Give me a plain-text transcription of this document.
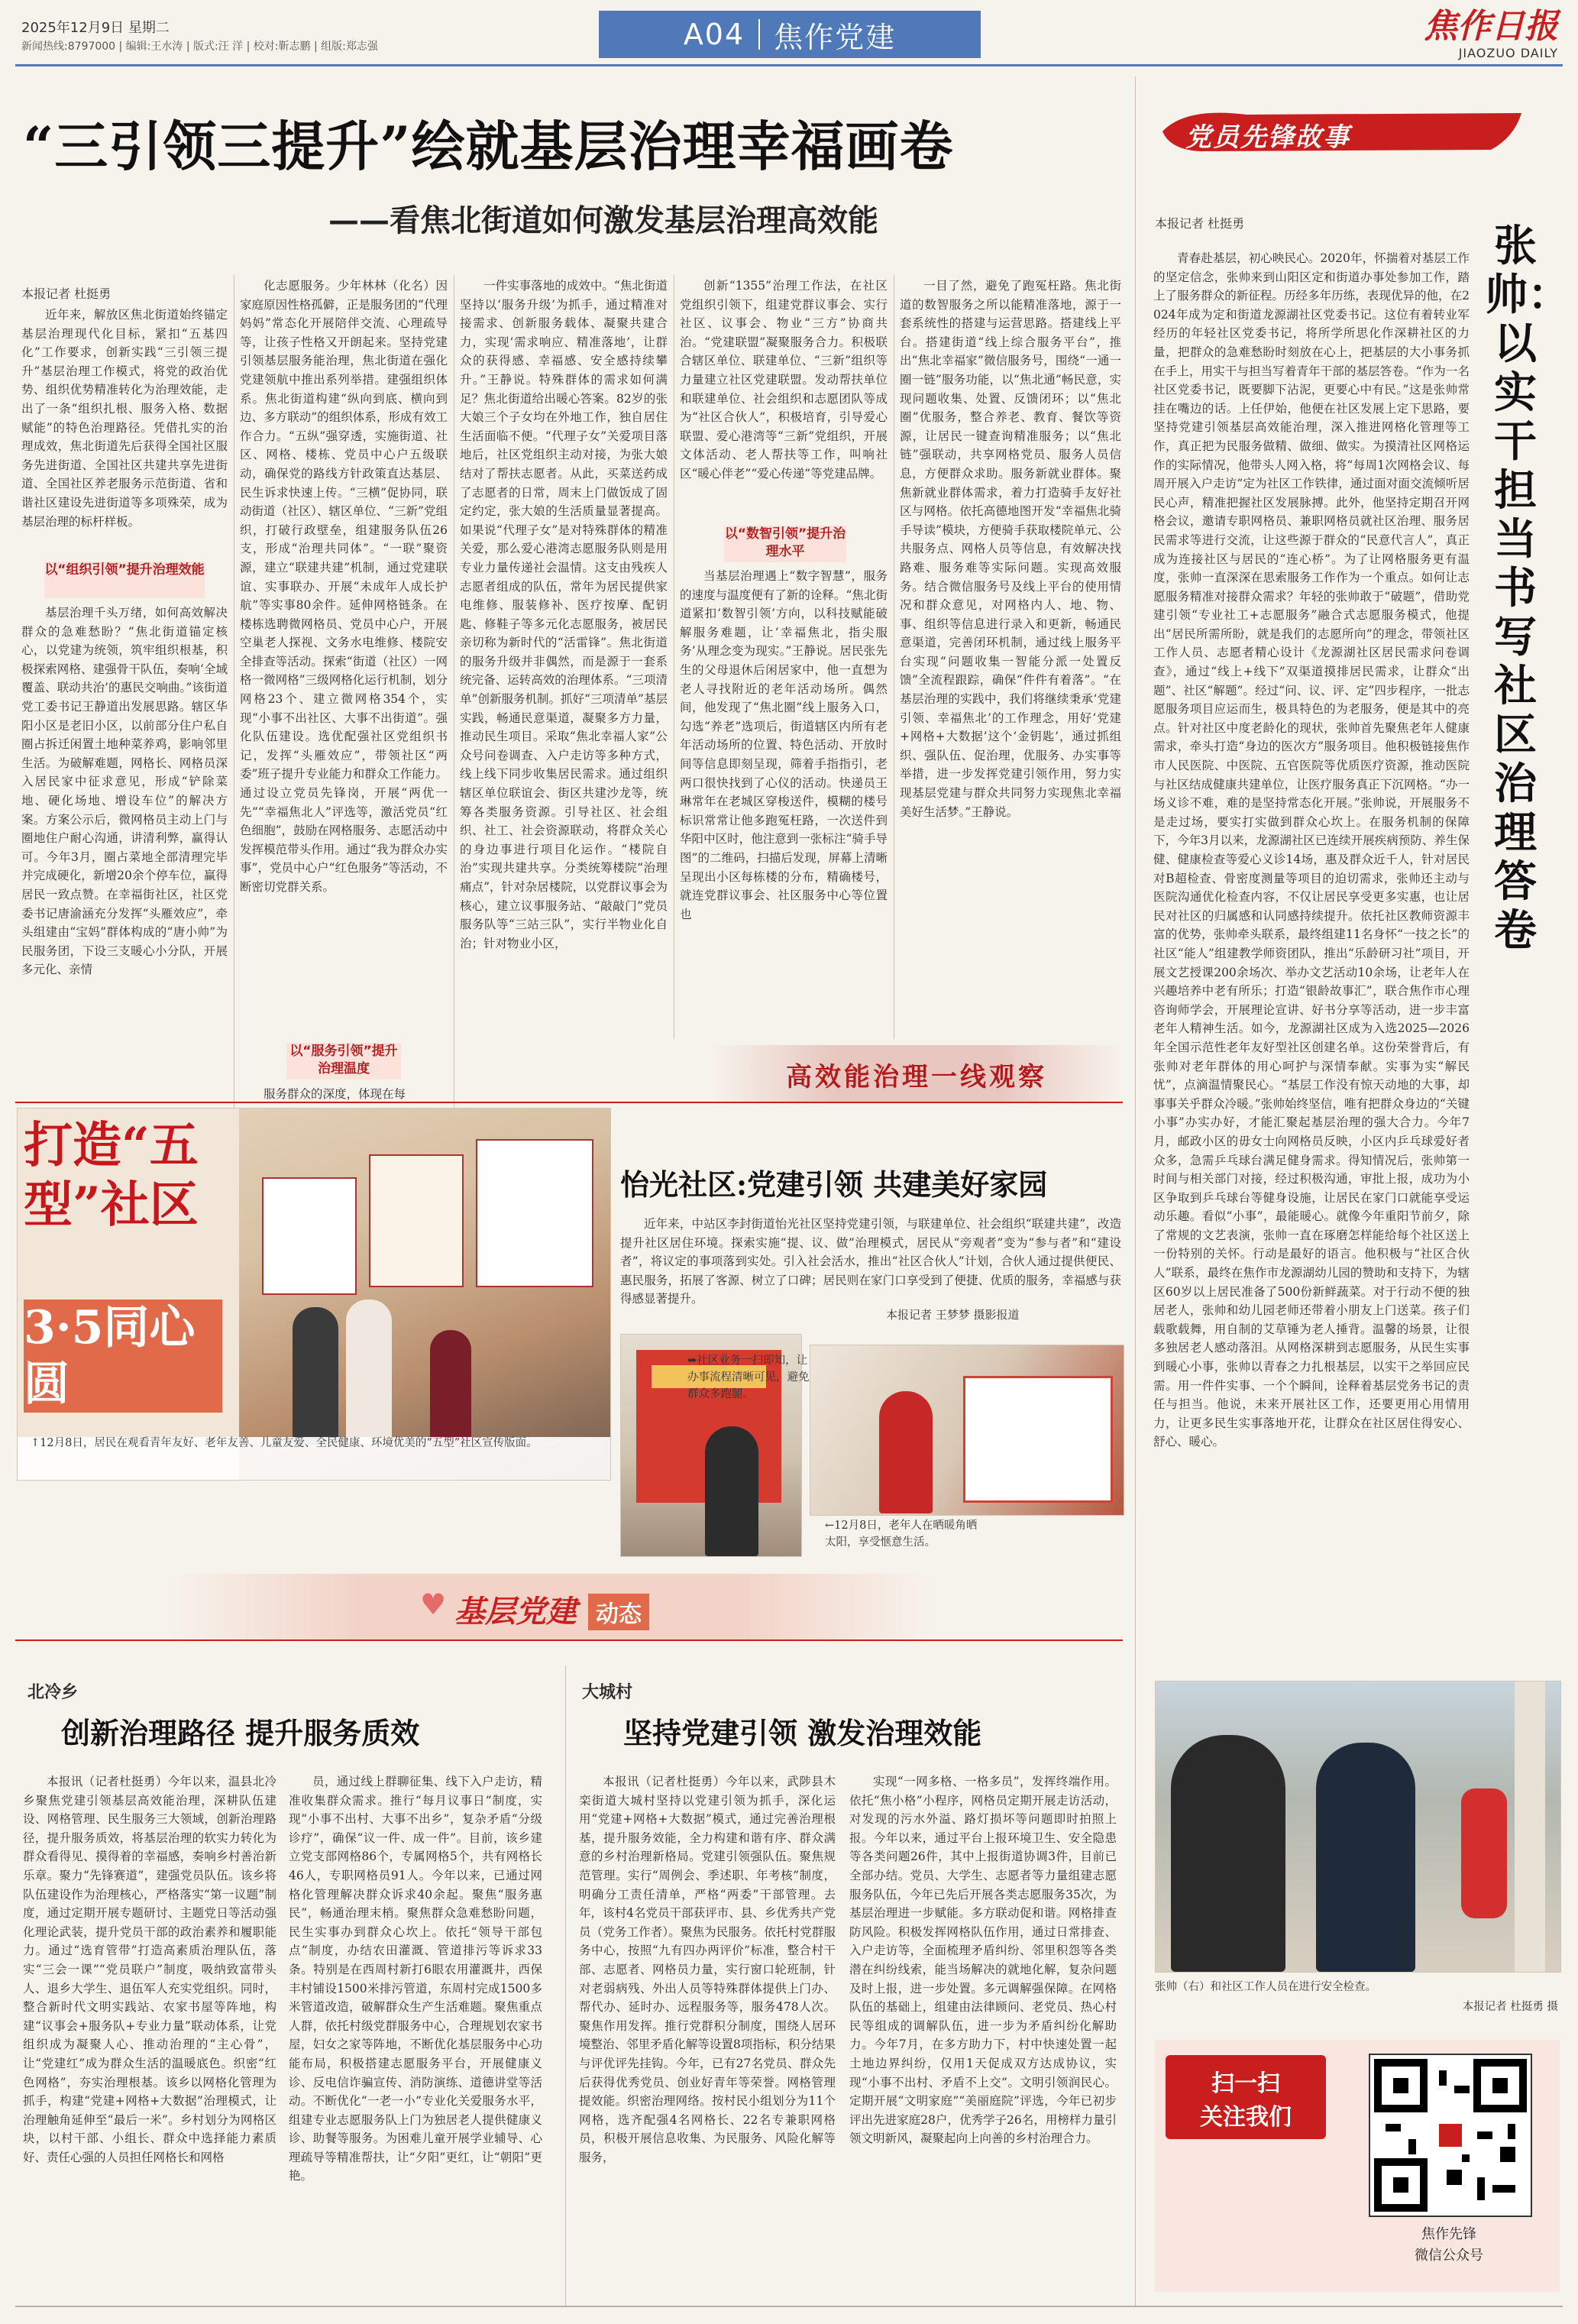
2025年12月9日 星期二
新闻热线:8797000 | 编辑:王水涛 | 版式:汪 洋 | 校对:靳志鹏 | 组版:郑志强	A04 焦作党建	焦作日报
JIAOZUO DAILY
“三引领三提升”绘就基层治理幸福画卷
——看焦北街道如何激发基层治理高效能
本报记者 杜挺勇

近年来，解放区焦北街道始终锚定基层治理现代化目标，紧扣“五基四化”工作要求，创新实践“三引领三提升”基层治理工作模式，将党的政治优势、组织优势精准转化为治理效能，走出了一条“组织扎根、服务入格、数据赋能”的特色治理路径。凭借扎实的治理成效，焦北街道先后获得全国社区服务先进街道、全国社区共建共享先进街道、全国社区养老服务示范街道、省和谐社区建设先进街道等多项殊荣，成为基层治理的标杆样板。

以“组织引领”提升治理效能

基层治理千头万绪，如何高效解决群众的急难愁盼？“焦北街道锚定核心，以党建为统领，筑牢组织根基，积极探索网格、建强骨干队伍，奏响‘全域覆盖、联动共治’的惠民交响曲。”该街道党工委书记王静道出发展思路。辖区华阳小区是老旧小区，以前部分住户私自圈占拆迁闲置土地种菜养鸡，影响邻里生活。为破解难题，网格长、网格员深入居民家中征求意见，形成“铲除菜地、硬化场地、增设车位”的解决方案。方案公示后，微网格员主动上门与圈地住户耐心沟通，讲清利弊，赢得认可。今年3月，圈占菜地全部清理完毕并完成硬化，新增20余个停车位，赢得居民一致点赞。在幸福街社区，社区党委书记唐渝涵充分发挥“头雁效应”，牵头组建由“宝妈”群体构成的“唐小帅”为民服务团，下设三支暖心小分队，开展多元化、亲情

化志愿服务。少年林林（化名）因家庭原因性格孤僻，正是服务团的“代理妈妈”常态化开展陪伴交流、心理疏导等，让孩子性格又开朗起来。坚持党建引领基层服务能治理，焦北街道在强化党建领航中推出系列举措。建强组织体系。焦北街道构建“纵向到底、横向到边、多方联动”的组织体系，形成有效工作合力。“五纵”强穿透，实施街道、社区、网格、楼栋、党员中心户五级联动，确保党的路线方针政策直达基层、民生诉求快速上传。“三横”促协同，联动街道（社区）、辖区单位、“三新”党组织，打破行政壁垒，组建服务队伍26支，形成“治理共同体”。“一联”聚资源，建立“联建共建”机制，通过党建联谊、实事联办、开展“未成年人成长护航”等实事80余件。延伸网格链条。在楼栋选聘微网格员、党员中心户，开展空巢老人探视、文务水电维修、楼院安全排查等活动。探索“街道（社区）一网格一微网格”三级网格化运行机制，划分网格23个、建立微网格354个，实现“小事不出社区、大事不出街道”。强化队伍建设。选优配强社区党组织书记，发挥“头雁效应”，带领社区“两委”班子提升专业能力和群众工作能力。通过设立党员先锋岗，开展“两优一先”“幸福焦北人”评选等，激活党员“红色细胞”，鼓励在网格服务、志愿活动中发挥模范带头作用。通过“我为群众办实事”，党员中心户“红色服务”等活动，不断密切党群关系。

以“服务引领”提升治理温度

服务群众的深度，体现在每

一件实事落地的成效中。“焦北街道坚持以‘服务升级’为抓手，通过精准对接需求、创新服务载体、凝聚共建合力，实现‘需求响应、精准落地’，让群众的获得感、幸福感、安全感持续攀升。”王静说。特殊群体的需求如何满足？焦北街道给出暖心答案。82岁的张大娘三个子女均在外地工作，独自居住生活面临不便。“代理子女”关爱项目落地后，社区党组织主动对接，为张大娘结对了帮扶志愿者。从此，买菜送药成了志愿者的日常，周末上门做饭成了固定约定，张大娘的生活质量显著提高。如果说“代理子女”是对特殊群体的精准关爱，那么爱心港湾志愿服务队则是用专业力量传递社会温情。这支由残疾人志愿者组成的队伍，常年为居民提供家电维修、服装修补、医疗按摩、配钥匙、修鞋子等多元化志愿服务，被居民亲切称为新时代的“活雷锋”。焦北街道的服务升级并非偶然，而是源于一套系统完备、运转高效的治理体系。“三项清单”创新服务机制。抓好“三项清单”基层实践，畅通民意渠道，凝聚多方力量，推动民生项目。采取“焦北幸福人家”公众号问卷调查、入户走访等多种方式，线上线下同步收集居民需求。通过组织辖区单位联谊会、街区共建沙龙等，统筹各类服务资源。引导社区、社会组织、社工、社会资源联动，将群众关心的身边事进行项目化运作。“楼院自治”实现共建共享。分类统筹楼院“治理痛点”，针对杂居楼院，以党群议事会为核心，建立议事服务站、“敲敲门”党员服务队等“三站三队”，实行半物业化自治；针对物业小区，

创新“1355”治理工作法，在社区党组织引领下，组建党群议事会、实行社区、议事会、物业“三方”协商共治。“党建联盟”凝聚服务合力。积极联合辖区单位、联建单位、“三新”组织等力量建立社区党建联盟。发动帮扶单位和联建单位、社会组织和志愿团队等成为“社区合伙人”，积极培育，引导爱心联盟、爱心港湾等“三新”党组织，开展文体活动、老人帮扶等工作，叫响社区“暖心伴老”“爱心传递”等党建品牌。

以“数智引领”提升治理水平

当基层治理遇上“数字智慧”，服务的速度与温度便有了新的诠释。“焦北街道紧扣‘数智引领’方向，以科技赋能破解服务难题，让‘幸福焦北，指尖服务’从理念变为现实。”王静说。居民张先生的父母退休后闲居家中，他一直想为老人寻找附近的老年活动场所。偶然间，他发现了“焦北圈”线上服务入口，勾选“养老”选项后，街道辖区内所有老年活动场所的位置、特色活动、开放时间等信息即刻呈现，筛着手指指引，老两口很快找到了心仪的活动。快递员王琳常年在老城区穿梭送件，模糊的楼号标识常常让他多跑冤枉路，一次送件到华阳中区时，他注意到一张标注“骑手导图”的二维码，扫描后发现，屏幕上清晰呈现出小区每栋楼的分布，精确楼号，就连党群议事会、社区服务中心等位置也

一目了然，避免了跑冤枉路。焦北街道的数智服务之所以能精准落地，源于一套系统性的搭建与运营思路。搭建线上平台。搭建街道“线上综合服务平台”，推出“焦北幸福家”微信服务号，围绕“一通一圈一链”服务功能，以“焦北通”畅民意，实现问题收集、处置、反馈闭环；以“焦北圈”优服务，整合养老、教育、餐饮等资源，让居民一键查询精准服务；以“焦北链”强联动，共享网格党员、服务人员信息，方便群众求助。服务新就业群体。聚焦新就业群体需求，着力打造骑手友好社区与网格。依托高德地图开发“幸福焦北骑手导读”模块，方便骑手获取楼院单元、公共服务点、网格人员等信息，有效解决找路难、服务难等实际问题。实现高效服务。结合微信服务号及线上平台的使用情况和群众意见，对网格内人、地、物、事、组织等信息进行录入和更新，畅通民意渠道，完善闭环机制，通过线上服务平台实现“问题收集一智能分派一处置反馈”全流程跟踪，确保“件件有着落”。“在基层治理的实践中，我们将继续秉承‘党建引领、幸福焦北’的工作理念，用好‘党建+网格+大数据’这个‘金钥匙’，通过抓组织、强队伍、促治理，优服务、办实事等举措，进一步发挥党建引领作用，努力实现基层党建与群众共同努力实现焦北幸福美好生活梦。”王静说。

高效能治理一线观察
打造“五型”社区
3·5同心圆
↑12月8日，居民在观看青年友好、老年友善、儿童友爱、全民健康、环境优美的“五型”社区宣传版面。
怡光社区:党建引领 共建美好家园

近年来，中站区李封街道怡光社区坚持党建引领，与联建单位、社会组织“联建共建”，改造提升社区居住环境。探索实施“提、议、做”治理模式，居民从“旁观者”变为“参与者”和“建设者”，将议定的事项落到实处。引入社会活水，推出“社区合伙人”计划，合伙人通过提供便民、惠民服务，拓展了客源、树立了口碑；居民则在家门口享受到了便捷、优质的服务，幸福感与获得感显著提升。

本报记者 王梦梦 摄影报道
➡社区业务一扫即知，让办事流程清晰可见，避免群众多跑腿。
←12月8日，老年人在晒暖角晒太阳，享受惬意生活。
♥ 基层党建 动态
北冷乡
创新治理路径 提升服务质效

本报讯（记者杜挺勇）今年以来，温县北冷乡聚焦党建引领基层高效能治理，深耕队伍建设、网格管理、民生服务三大领域，创新治理路径，提升服务质效，将基层治理的软实力转化为群众看得见、摸得着的幸福感，奏响乡村善治新乐章。聚力“先锋赛道”，建强党员队伍。该乡将队伍建设作为治理核心，严格落实“第一议题”制度，通过定期开展专题研讨、主题党日等活动强化理论武装，提升党员干部的政治素养和履职能力。通过“选育管带”打造高素质治理队伍，落实“三会一课”“党员联户”制度，吸纳致富带头人、退乡大学生、退伍军人充实党组织。同时，整合新时代文明实践站、农家书屋等阵地，构建“议事会+服务队+专业力量”联动体系，让党组织成为凝聚人心、推动治理的“主心骨”，让“党建红”成为群众生活的温暖底色。织密“红色网格”，夯实治理根基。该乡以网格化管理为抓手，构建“党建+网格+大数据”治理模式，让治理触角延伸至“最后一米”。乡村划分为网格区块，以村干部、小组长、群众中选择能力素质好、责任心强的人员担任网格长和网格

员，通过线上群聊征集、线下入户走访，精准收集群众需求。推行“每月议事日”制度，实现“小事不出村、大事不出乡”，复杂矛盾“分级诊疗”，确保“议一件、成一件”。目前，该乡建立党支部网格86个，专属网格5个，共有网格长46人，专职网格员91人。今年以来，已通过网格化管理解决群众诉求40余起。聚焦“服务惠民”，畅通治理末梢。聚焦群众急难愁盼问题，民生实事办到群众心坎上。依托“领导干部包点”制度，办结农田灌溉、管道排污等诉求33条。特别是在西周村新打6眼农用灌溉井，西保丰村铺设1500米排污管道，东周村完成1500多米管道改造，破解群众生产生活难题。聚焦重点人群，依托村级党群服务中心，合理规划农家书屋，妇女之家等阵地，不断优化基层服务中心功能布局，积极搭建志愿服务平台，开展健康义诊、反电信诈骗宣传、消防演练、道德讲堂等活动。不断优化“一老一小”专业化关爱服务水平，组建专业志愿服务队上门为独居老人提供健康义诊、助餐等服务。为困难儿童开展学业辅导、心理疏导等精准帮扶，让“夕阳”更红，让“朝阳”更艳。

大城村
坚持党建引领 激发治理效能

本报讯（记者杜挺勇）今年以来，武陟县木栾街道大城村坚持以党建引领为抓手，深化运用“党建+网格+大数据”模式，通过完善治理根基，提升服务效能，全力构建和谐有序、群众满意的乡村治理新格局。党建引领强队伍。聚焦规范管理。实行“周例会、季述职、年考核”制度，明确分工责任清单，严格“两委”干部管理。去年，该村4名党员干部获评市、县、乡优秀共产党员（党务工作者）。聚焦为民服务。依托村党群服务中心，按照“九有四办两评价”标准，整合村干部、志愿者、网格员力量，实行窗口轮班制，针对老弱病残、外出人员等特殊群体提供上门办、帮代办、延时办、远程服务等，服务478人次。聚焦作用发挥。推行党群积分制度，围绕人居环境整治、邻里矛盾化解等设置8项指标，积分结果与评优评先挂钩。今年，已有27名党员、群众先后获得优秀党员、创业好青年等荣誉。网格管理提效能。织密治理网络。按村民小组划分为11个网格，选齐配强4名网格长、22名专兼职网格员，积极开展信息收集、为民服务、风险化解等服务，

实现“一网多格、一格多员”，发挥终端作用。依托“焦小格”小程序，网格员定期开展走访活动，对发现的污水外溢、路灯损坏等问题即时拍照上报。今年以来，通过平台上报环境卫生、安全隐患等各类问题26件，其中上报街道协调3件，目前已全部办结。党员、大学生、志愿者等力量组建志愿服务队伍，今年已先后开展各类志愿服务35次，为基层治理进一步赋能。多方联动促和谐。网格排查防风险。积极发挥网格队伍作用，通过日常排查、入户走访等，全面梳理矛盾纠纷、邻里积怨等各类潜在纠纷线索，能当场解决的就地化解，复杂问题及时上报，进一步处置。多元调解强保障。在网格队伍的基础上，组建由法律顾问、老党员、热心村民等组成的调解队伍，进一步为矛盾纠纷化解助力。今年7月，在多方助力下，村中快速处置一起土地边界纠纷，仅用1天促成双方达成协议，实现“小事不出村、矛盾不上交”。文明引领润民心。定期开展“文明家庭”“美丽庭院”评选，今年已初步评出先进家庭28户，优秀学子26名，用榜样力量引领文明新风，凝聚起向上向善的乡村治理合力。

党员先锋故事
本报记者 杜挺勇	张帅：
以实干担当书写社区治理答卷

青春赴基层，初心映民心。2020年，怀揣着对基层工作的坚定信念，张帅来到山阳区定和街道办事处参加工作，踏上了服务群众的新征程。历经多年历练，表现优异的他，在2024年成为定和街道龙源湖社区党委书记。这位有着转业军经历的年轻社区党委书记，将所学所思化作深耕社区的力量，把群众的急难愁盼时刻放在心上，把基层的大小事务抓在手上，用实干与担当写着青年干部的基层答卷。“作为一名社区党委书记，既要脚下沾泥，更要心中有民。”这是张帅常挂在嘴边的话。上任伊始，他便在社区发展上定下思路，要坚持党建引领基层高效能治理，深入推进网格化管理等工作，真正把为民服务做精、做细、做实。为摸清社区网格运作的实际情况，他带头人网入格，将“每周1次网格会议、每周开展入户走访”定为社区工作铁律，通过面对面交流倾听居民心声，精准把握社区发展脉搏。此外，他坚持定期召开网格会议，邀请专职网格员、兼职网格员就社区治理、服务居民需求等进行交流，让这些源于群众的“民意代言人”，真正成为连接社区与居民的“连心桥”。为了让网格服务更有温度，张帅一直深深在思索服务工作作为一个重点。如何让志愿服务精准对接群众需求？年轻的张帅敢于“破题”，借助党建引领“专业社工+志愿服务”融合式志愿服务模式，他提出“居民所需所盼，就是我们的志愿所向”的理念，带领社区工作人员、志愿者精心设计《龙源湖社区居民需求问卷调查》，通过“线上+线下”双渠道摸排居民需求，让群众“出题”、社区“解题”。经过“问、议、评、定”四步程序，一批志愿服务项目应运而生，极具特色的为老服务，便是其中的亮点。针对社区中度老龄化的现状，张帅首先聚焦老年人健康需求，牵头打造“身边的医次方”服务项目。他积极链接焦作市人民医院、中医院、五官医院等优质医疗资源，推动医院与社区结成健康共建单位，让医疗服务真正下沉网格。“办一场义诊不难，难的是坚持常态化开展。”张帅说，开展服务不是走过场，要实打实做到群众心坎上。在服务机制的保障下，今年3月以来，龙源湖社区已连续开展疾病预防、养生保健、健康检查等爱心义诊14场，惠及群众近千人，针对居民对B超检查、骨密度测量等项目的迫切需求，张帅还主动与医院沟通优化检查内容，不仅让居民享受更多实惠，也让居民对社区的归属感和认同感持续提升。依托社区教师资源丰富的优势，张帅牵头联系，最终组建11名身怀“一技之长”的社区“能人”组建教学师资团队，推出“乐龄研习社”项目，开展文艺授课200余场次、举办文艺活动10余场，让老年人在兴趣培养中老有所乐；打造“银龄故事汇”，联合焦作市心理咨询师学会，开展理论宣讲、好书分享等活动，进一步丰富老年人精神生活。如今，龙源湖社区成为入选2025—2026年全国示范性老年友好型社区创建名单。这份荣誉背后，有张帅对老年群体的用心呵护与深情奉献。实事为实“解民忧”，点滴温情聚民心。“基层工作没有惊天动地的大事，却事事关乎群众冷暖。”张帅始终坚信，唯有把群众身边的“关键小事”办实办好，才能汇聚起基层治理的强大合力。今年7月，邮政小区的毋女士向网格员反映，小区内乒乓球爱好者众多，急需乒乓球台满足健身需求。得知情况后，张帅第一时间与相关部门对接，经过积极沟通，审批上报，成功为小区争取到乒乓球台等健身设施，让居民在家门口就能享受运动乐趣。看似“小事”，最能暖心。就像今年重阳节前夕，除了常规的文艺表演，张帅一直在琢磨怎样能给每个社区送上一份特别的关怀。行动是最好的语言。他积极与“社区合伙人”联系，最终在焦作市龙源湖幼儿园的赞助和支持下，为辖区60岁以上居民准备了500份新鲜蔬菜。对于行动不便的独居老人，张帅和幼儿园老师还带着小朋友上门送菜。孩子们载歌载舞，用自制的艾草锤为老人捶背。温馨的场景，让很多独居老人感动落泪。从网格深耕到志愿服务，从民生实事到暖心小事，张帅以青春之力扎根基层，以实干之举回应民需。用一件件实事、一个个瞬间，诠释着基层党务书记的责任与担当。他说，未来开展社区工作，还要更用心用情用力，让更多民生实事落地开花，让群众在社区居住得安心、舒心、暖心。

张帅（右）和社区工作人员在进行安全检查。
本报记者 杜挺勇 摄
扫一扫
关注我们
焦作先锋
微信公众号
